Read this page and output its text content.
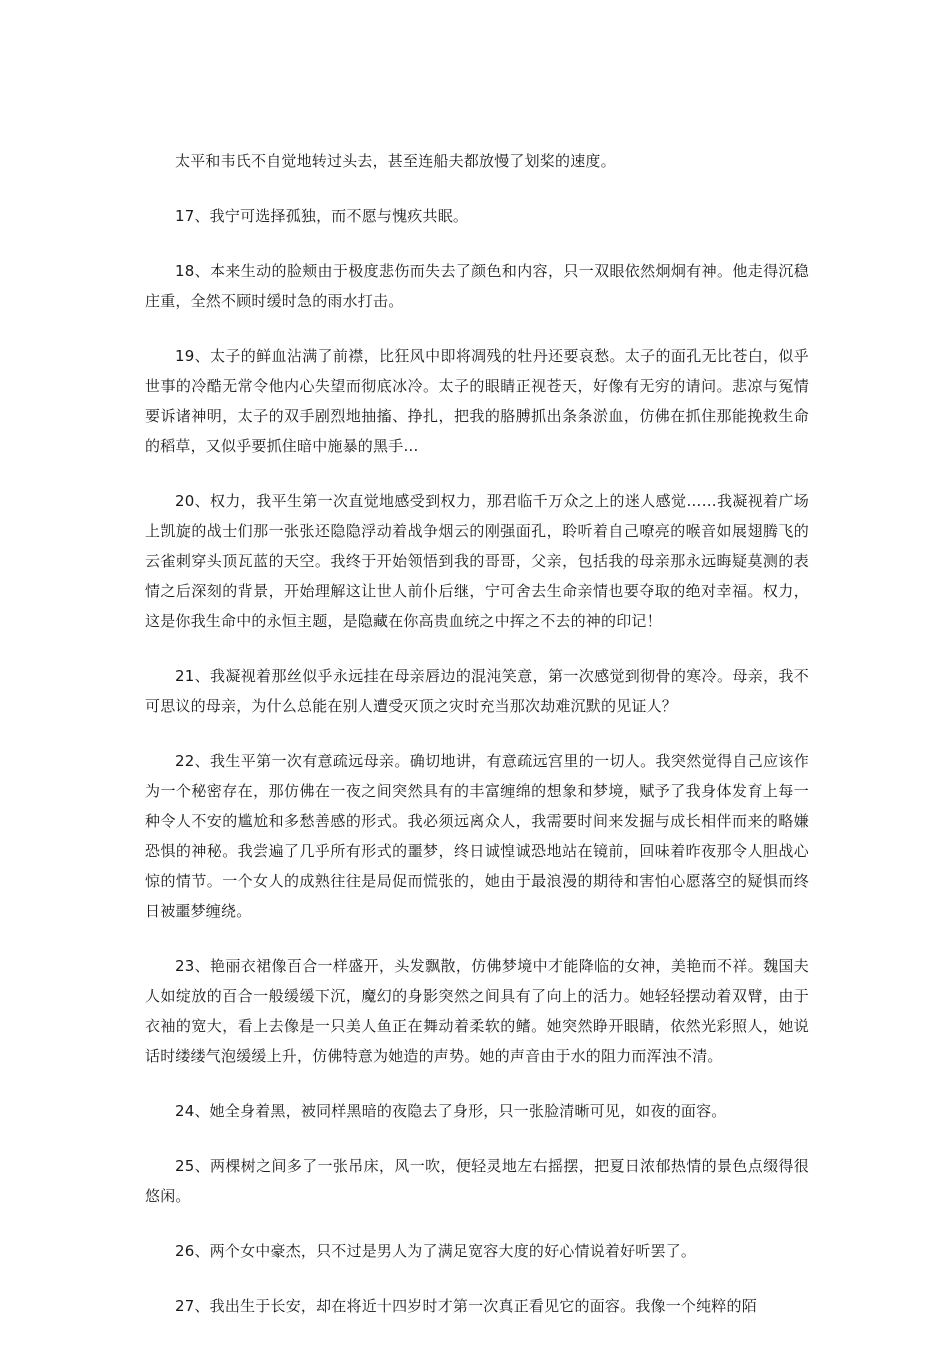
太平和韦氏不自觉地转过头去，甚至连船夫都放慢了划桨的速度。

17、我宁可选择孤独，而不愿与愧疚共眠。

18、本来生动的脸颊由于极度悲伤而失去了颜色和内容，只一双眼依然炯炯有神。他走得沉稳庄重，全然不顾时缓时急的雨水打击。

19、太子的鲜血沾满了前襟，比狂风中即将凋残的牡丹还要哀愁。太子的面孔无比苍白，似乎世事的冷酷无常令他内心失望而彻底冰冷。太子的眼睛正视苍天，好像有无穷的请问。悲凉与冤情要诉诸神明，太子的双手剧烈地抽搐、挣扎，把我的胳膊抓出条条淤血，仿佛在抓住那能挽救生命的稻草，又似乎要抓住暗中施暴的黑手…

20、权力，我平生第一次直觉地感受到权力，那君临千万众之上的迷人感觉……我凝视着广场上凯旋的战士们那一张张还隐隐浮动着战争烟云的刚强面孔，聆听着自己嘹亮的喉音如展翅腾飞的云雀刺穿头顶瓦蓝的天空。我终于开始领悟到我的哥哥，父亲，包括我的母亲那永远晦疑莫测的表情之后深刻的背景，开始理解这让世人前仆后继，宁可舍去生命亲情也要夺取的绝对幸福。权力，这是你我生命中的永恒主题，是隐藏在你高贵血统之中挥之不去的神的印记！

21、我凝视着那丝似乎永远挂在母亲唇边的混沌笑意，第一次感觉到彻骨的寒冷。母亲，我不可思议的母亲，为什么总能在别人遭受灭顶之灾时充当那次劫难沉默的见证人？

22、我生平第一次有意疏远母亲。确切地讲，有意疏远宫里的一切人。我突然觉得自己应该作为一个秘密存在，那仿佛在一夜之间突然具有的丰富缠绵的想象和梦境，赋予了我身体发育上每一种令人不安的尴尬和多愁善感的形式。我必须远离众人，我需要时间来发掘与成长相伴而来的略嫌恐惧的神秘。我尝遍了几乎所有形式的噩梦，终日诚惶诚恐地站在镜前，回味着昨夜那令人胆战心惊的情节。一个女人的成熟往往是局促而慌张的，她由于最浪漫的期待和害怕心愿落空的疑惧而终日被噩梦缠绕。

23、艳丽衣裙像百合一样盛开，头发飘散，仿佛梦境中才能降临的女神，美艳而不祥。魏国夫人如绽放的百合一般缓缓下沉，魔幻的身影突然之间具有了向上的活力。她轻轻摆动着双臂，由于衣袖的宽大，看上去像是一只美人鱼正在舞动着柔软的鳍。她突然睁开眼睛，依然光彩照人，她说话时缕缕气泡缓缓上升，仿佛特意为她造的声势。她的声音由于水的阻力而浑浊不清。

24、她全身着黑，被同样黑暗的夜隐去了身形，只一张脸清晰可见，如夜的面容。

25、两棵树之间多了一张吊床，风一吹，便轻灵地左右摇摆，把夏日浓郁热情的景色点缀得很悠闲。

26、两个女中豪杰，只不过是男人为了满足宽容大度的好心情说着好听罢了。

27、我出生于长安，却在将近十四岁时才第一次真正看见它的面容。我像一个纯粹的陌
